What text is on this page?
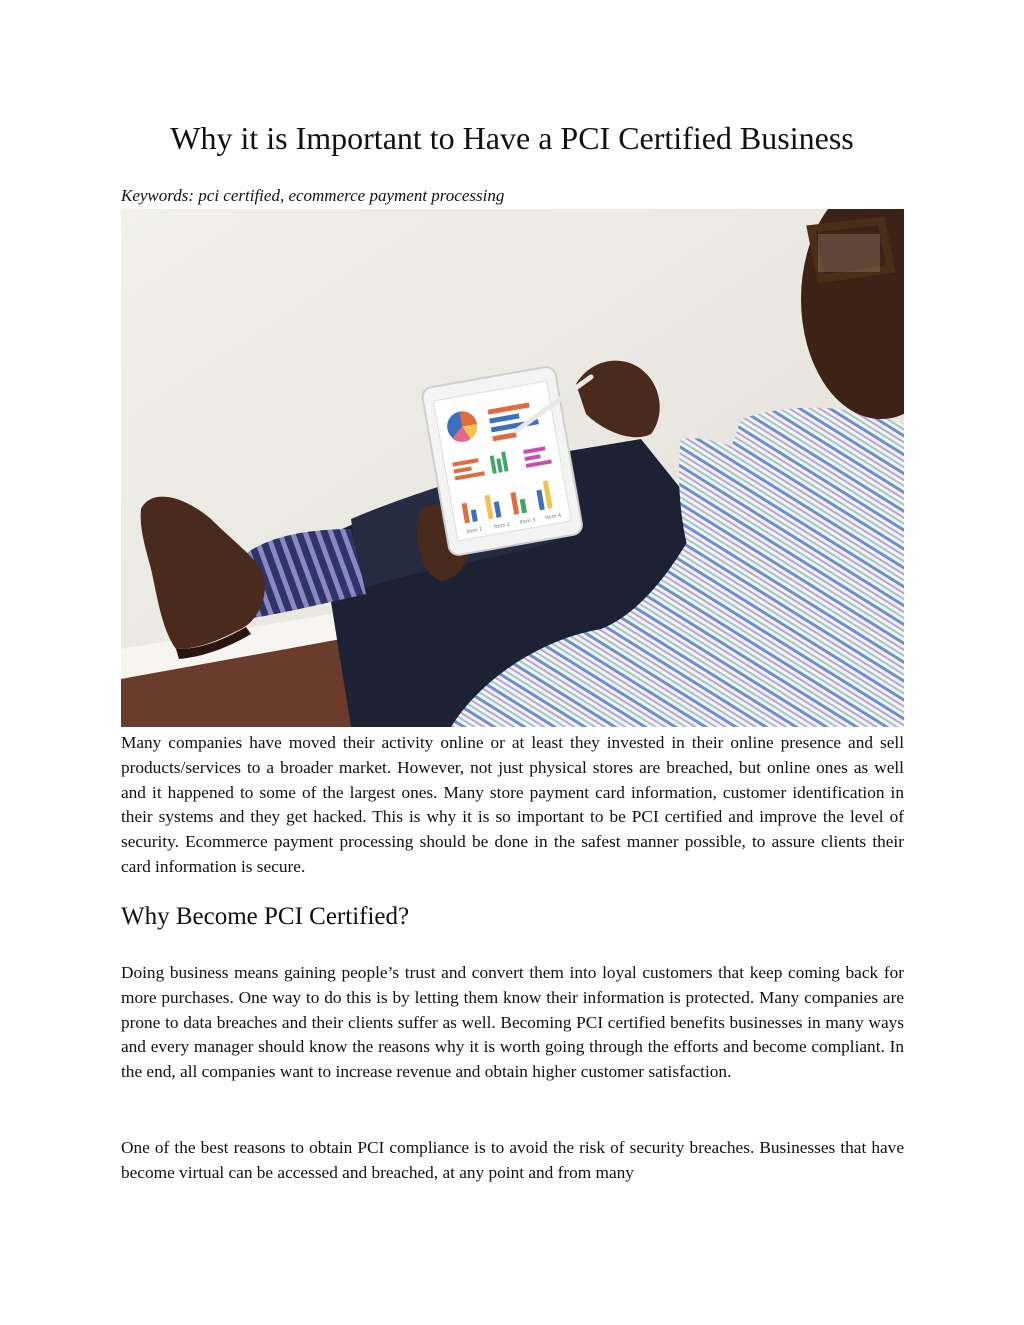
Why it is Important to Have a PCI Certified Business

Keywords: pci certified, ecommerce payment processing

Item 1
Item 2
Item 3
Item 4

Many companies have moved their activity online or at least they invested in their online presence and sell products/services to a broader market. However, not just physical stores are breached, but online ones as well and it happened to some of the largest ones. Many store payment card information, customer identification in their systems and they get hacked. This is why it is so important to be PCI certified and improve the level of security. Ecommerce payment processing should be done in the safest manner possible, to assure clients their card information is secure.

Why Become PCI Certified?

Doing business means gaining people’s trust and convert them into loyal customers that keep coming back for more purchases. One way to do this is by letting them know their information is protected. Many companies are prone to data breaches and their clients suffer as well. Becoming PCI certified benefits businesses in many ways and every manager should know the reasons why it is worth going through the efforts and become compliant. In the end, all companies want to increase revenue and obtain higher customer satisfaction.

One of the best reasons to obtain PCI compliance is to avoid the risk of security breaches. Businesses that have become virtual can be accessed and breached, at any point and from many
